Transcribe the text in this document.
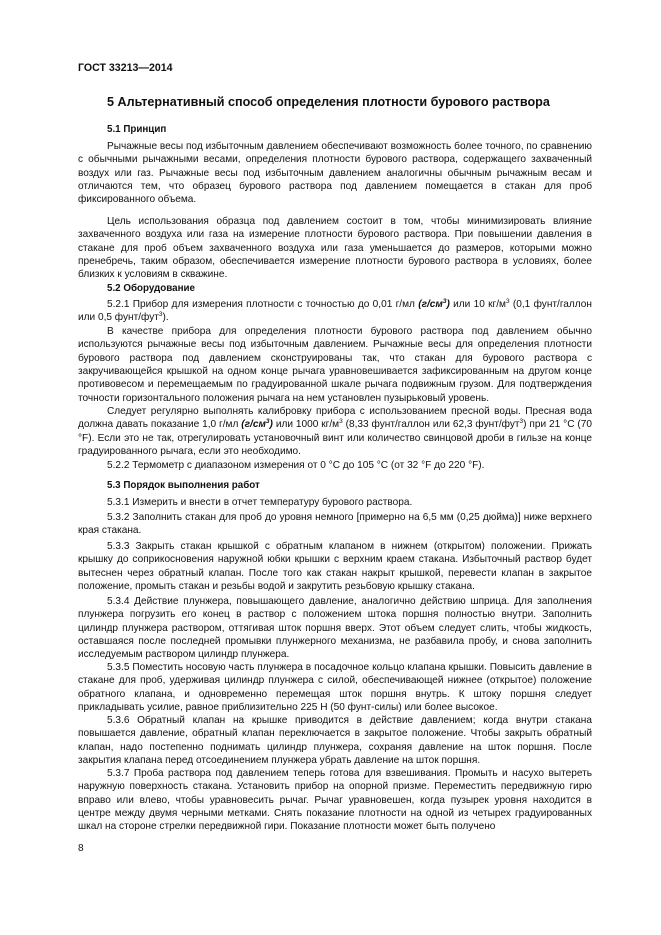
ГОСТ 33213—2014
5 Альтернативный способ определения плотности бурового раствора
5.1 Принцип

Рычажные весы под избыточным давлением обеспечивают возможность более точного, по сравнению с обычными рычажными весами, определения плотности бурового раствора, содержащего захваченный воздух или газ. Рычажные весы под избыточным давлением аналогичны обычным рычажным весам и отличаются тем, что образец бурового раствора под давлением помещается в стакан для проб фиксированного объема.

Цель использования образца под давлением состоит в том, чтобы минимизировать влияние захваченного воздуха или газа на измерение плотности бурового раствора. При повышении давления в стакане для проб объем захваченного воздуха или газа уменьшается до размеров, которыми можно пренебречь, таким образом, обеспечивается измерение плотности бурового раствора в условиях, более близких к условиям в скважине.

5.2 Оборудование

5.2.1 Прибор для измерения плотности с точностью до 0,01 г/мл $(г/см^3)$ или 10 $кг/м^3$ (0,1 фунт/галлон или 0,5 фунт/фут$^3$).

В качестве прибора для определения плотности бурового раствора под давлением обычно используются рычажные весы под избыточным давлением. Рычажные весы для определения плотности бурового раствора под давлением сконструированы так, что стакан для бурового раствора с закручивающейся крышкой на одном конце рычага уравновешивается зафиксированным на другом конце противовесом и перемещаемым по градуированной шкале рычага подвижным грузом. Для подтверждения точности горизонтального положения рычага на нем установлен пузырьковый уровень.

Следует регулярно выполнять калибровку прибора с использованием пресной воды. Пресная вода должна давать показание 1,0 г/мл $(г/см^3)$ или 1000 $кг/м^3$ (8,33 фунт/галлон или 62,3 фунт/фут$^3$) при 21 °С (70 °F). Если это не так, отрегулировать установочный винт или количество свинцовой дроби в гильзе на конце градуированного рычага, если это необходимо.

5.2.2 Термометр с диапазоном измерения от 0 °С до 105 °С (от 32 °F до 220 °F).

5.3 Порядок выполнения работ

5.3.1 Измерить и внести в отчет температуру бурового раствора.

5.3.2 Заполнить стакан для проб до уровня немного [примерно на 6,5 мм (0,25 дюйма)] ниже верхнего края стакана.

5.3.3 Закрыть стакан крышкой с обратным клапаном в нижнем (открытом) положении. Прижать крышку до соприкосновения наружной юбки крышки с верхним краем стакана. Избыточный раствор будет вытеснен через обратный клапан. После того как стакан накрыт крышкой, перевести клапан в закрытое положение, промыть стакан и резьбы водой и закрутить резьбовую крышку стакана.

5.3.4 Действие плунжера, повышающего давление, аналогично действию шприца. Для заполнения плунжера погрузить его конец в раствор с положением штока поршня полностью внутри. Заполнить цилиндр плунжера раствором, оттягивая шток поршня вверх. Этот объем следует слить, чтобы жидкость, оставшаяся после последней промывки плунжерного механизма, не разбавила пробу, и снова заполнить исследуемым раствором цилиндр плунжера.

5.3.5 Поместить носовую часть плунжера в посадочное кольцо клапана крышки. Повысить давление в стакане для проб, удерживая цилиндр плунжера с силой, обеспечивающей нижнее (открытое) положение обратного клапана, и одновременно перемещая шток поршня внутрь. К штоку поршня следует прикладывать усилие, равное приблизительно 225 Н (50 фунт-силы) или более высокое.

5.3.6 Обратный клапан на крышке приводится в действие давлением; когда внутри стакана повышается давление, обратный клапан переключается в закрытое положение. Чтобы закрыть обратный клапан, надо постепенно поднимать цилиндр плунжера, сохраняя давление на шток поршня. После закрытия клапана перед отсоединением плунжера убрать давление на шток поршня.

5.3.7 Проба раствора под давлением теперь готова для взвешивания. Промыть и насухо вытереть наружную поверхность стакана. Установить прибор на опорной призме. Переместить передвижную гирю вправо или влево, чтобы уравновесить рычаг. Рычаг уравновешен, когда пузырек уровня находится в центре между двумя черными метками. Снять показание плотности на одной из четырех градуированных шкал на стороне стрелки передвижной гири. Показание плотности может быть получено

8
